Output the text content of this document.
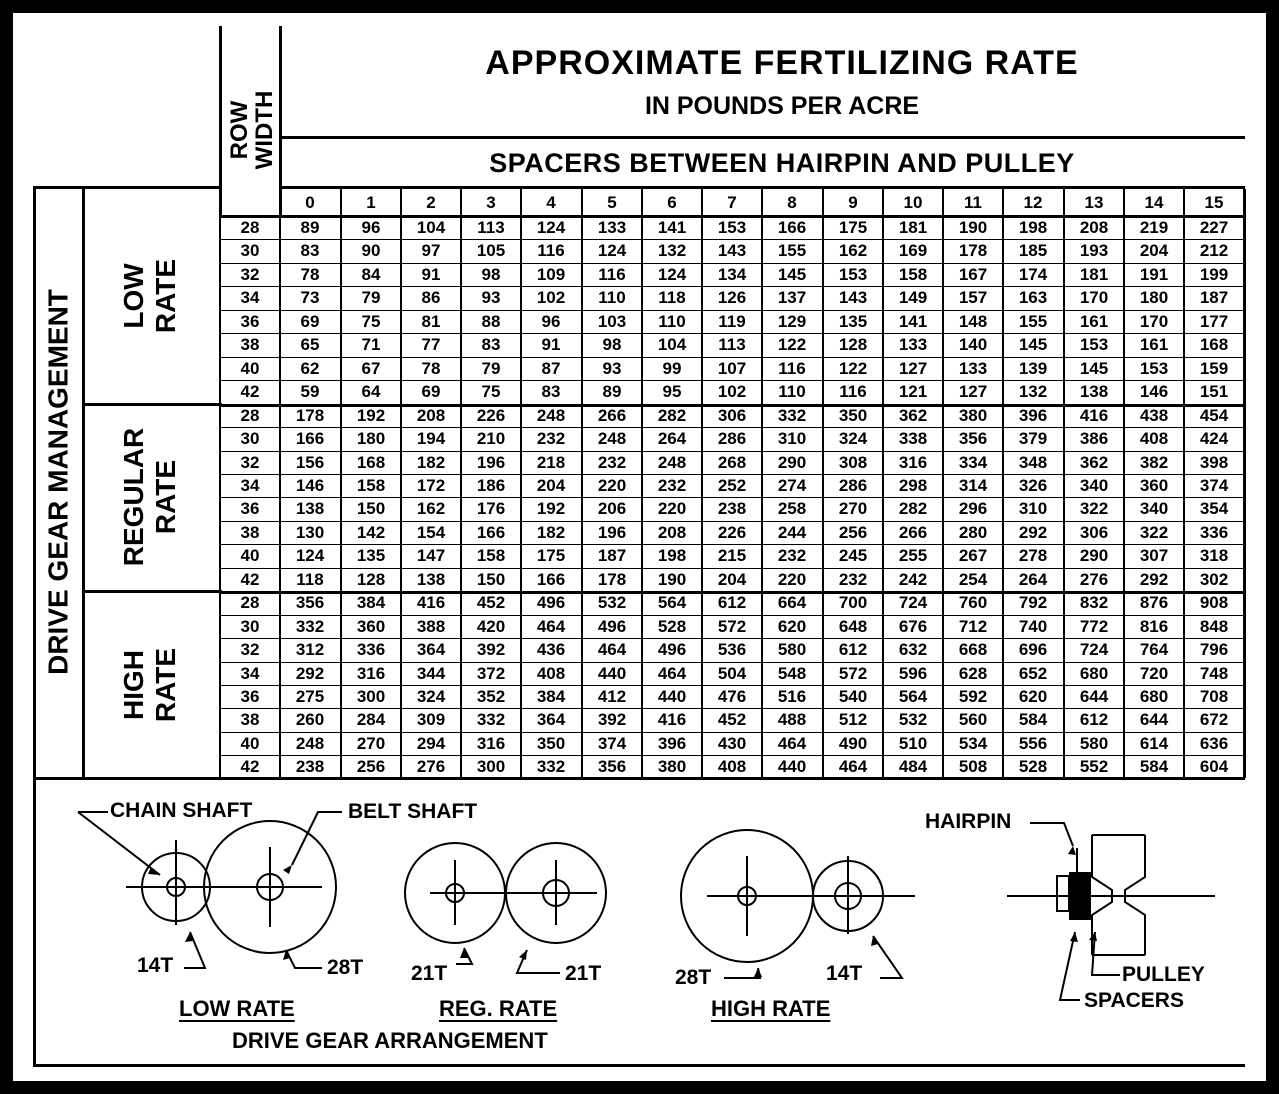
APPROXIMATE FERTILIZING RATE
IN POUNDS PER ACRE
SPACERS BETWEEN HAIRPIN AND PULLEY
ROW
WIDTH
DRIVE GEAR MANAGEMENT LOW RATE
REGULAR RATE
HIGH RATE
0	1	2	3	4	5	6	7	8	9	10	11	12	13	14	15
28	89	96	104	113	124	133	141	153	166	175	181	190	198	208	219	227
30	83	90	97	105	116	124	132	143	155	162	169	178	185	193	204	212
32	78	84	91	98	109	116	124	134	145	153	158	167	174	181	191	199
34	73	79	86	93	102	110	118	126	137	143	149	157	163	170	180	187
36	69	75	81	88	96	103	110	119	129	135	141	148	155	161	170	177
38	65	71	77	83	91	98	104	113	122	128	133	140	145	153	161	168
40	62	67	78	79	87	93	99	107	116	122	127	133	139	145	153	159
42	59	64	69	75	83	89	95	102	110	116	121	127	132	138	146	151
28	178	192	208	226	248	266	282	306	332	350	362	380	396	416	438	454
30	166	180	194	210	232	248	264	286	310	324	338	356	379	386	408	424
32	156	168	182	196	218	232	248	268	290	308	316	334	348	362	382	398
34	146	158	172	186	204	220	232	252	274	286	298	314	326	340	360	374
36	138	150	162	176	192	206	220	238	258	270	282	296	310	322	340	354
38	130	142	154	166	182	196	208	226	244	256	266	280	292	306	322	336
40	124	135	147	158	175	187	198	215	232	245	255	267	278	290	307	318
42	118	128	138	150	166	178	190	204	220	232	242	254	264	276	292	302
28	356	384	416	452	496	532	564	612	664	700	724	760	792	832	876	908
30	332	360	388	420	464	496	528	572	620	648	676	712	740	772	816	848
32	312	336	364	392	436	464	496	536	580	612	632	668	696	724	764	796
34	292	316	344	372	408	440	464	504	548	572	596	628	652	680	720	748
36	275	300	324	352	384	412	440	476	516	540	564	592	620	644	680	708
38	260	284	309	332	364	392	416	452	488	512	532	560	584	612	644	672
40	248	270	294	316	350	374	396	430	464	490	510	534	556	580	614	636
42	238	256	276	300	332	356	380	408	440	464	484	508	528	552	584	604
CHAIN SHAFT	BELT SHAFT
14T	28T
LOW RATE
21T	21T
REG. RATE
28T	14T
HIGH RATE
DRIVE GEAR ARRANGEMENT
HAIRPIN
PULLEY
SPACERS
